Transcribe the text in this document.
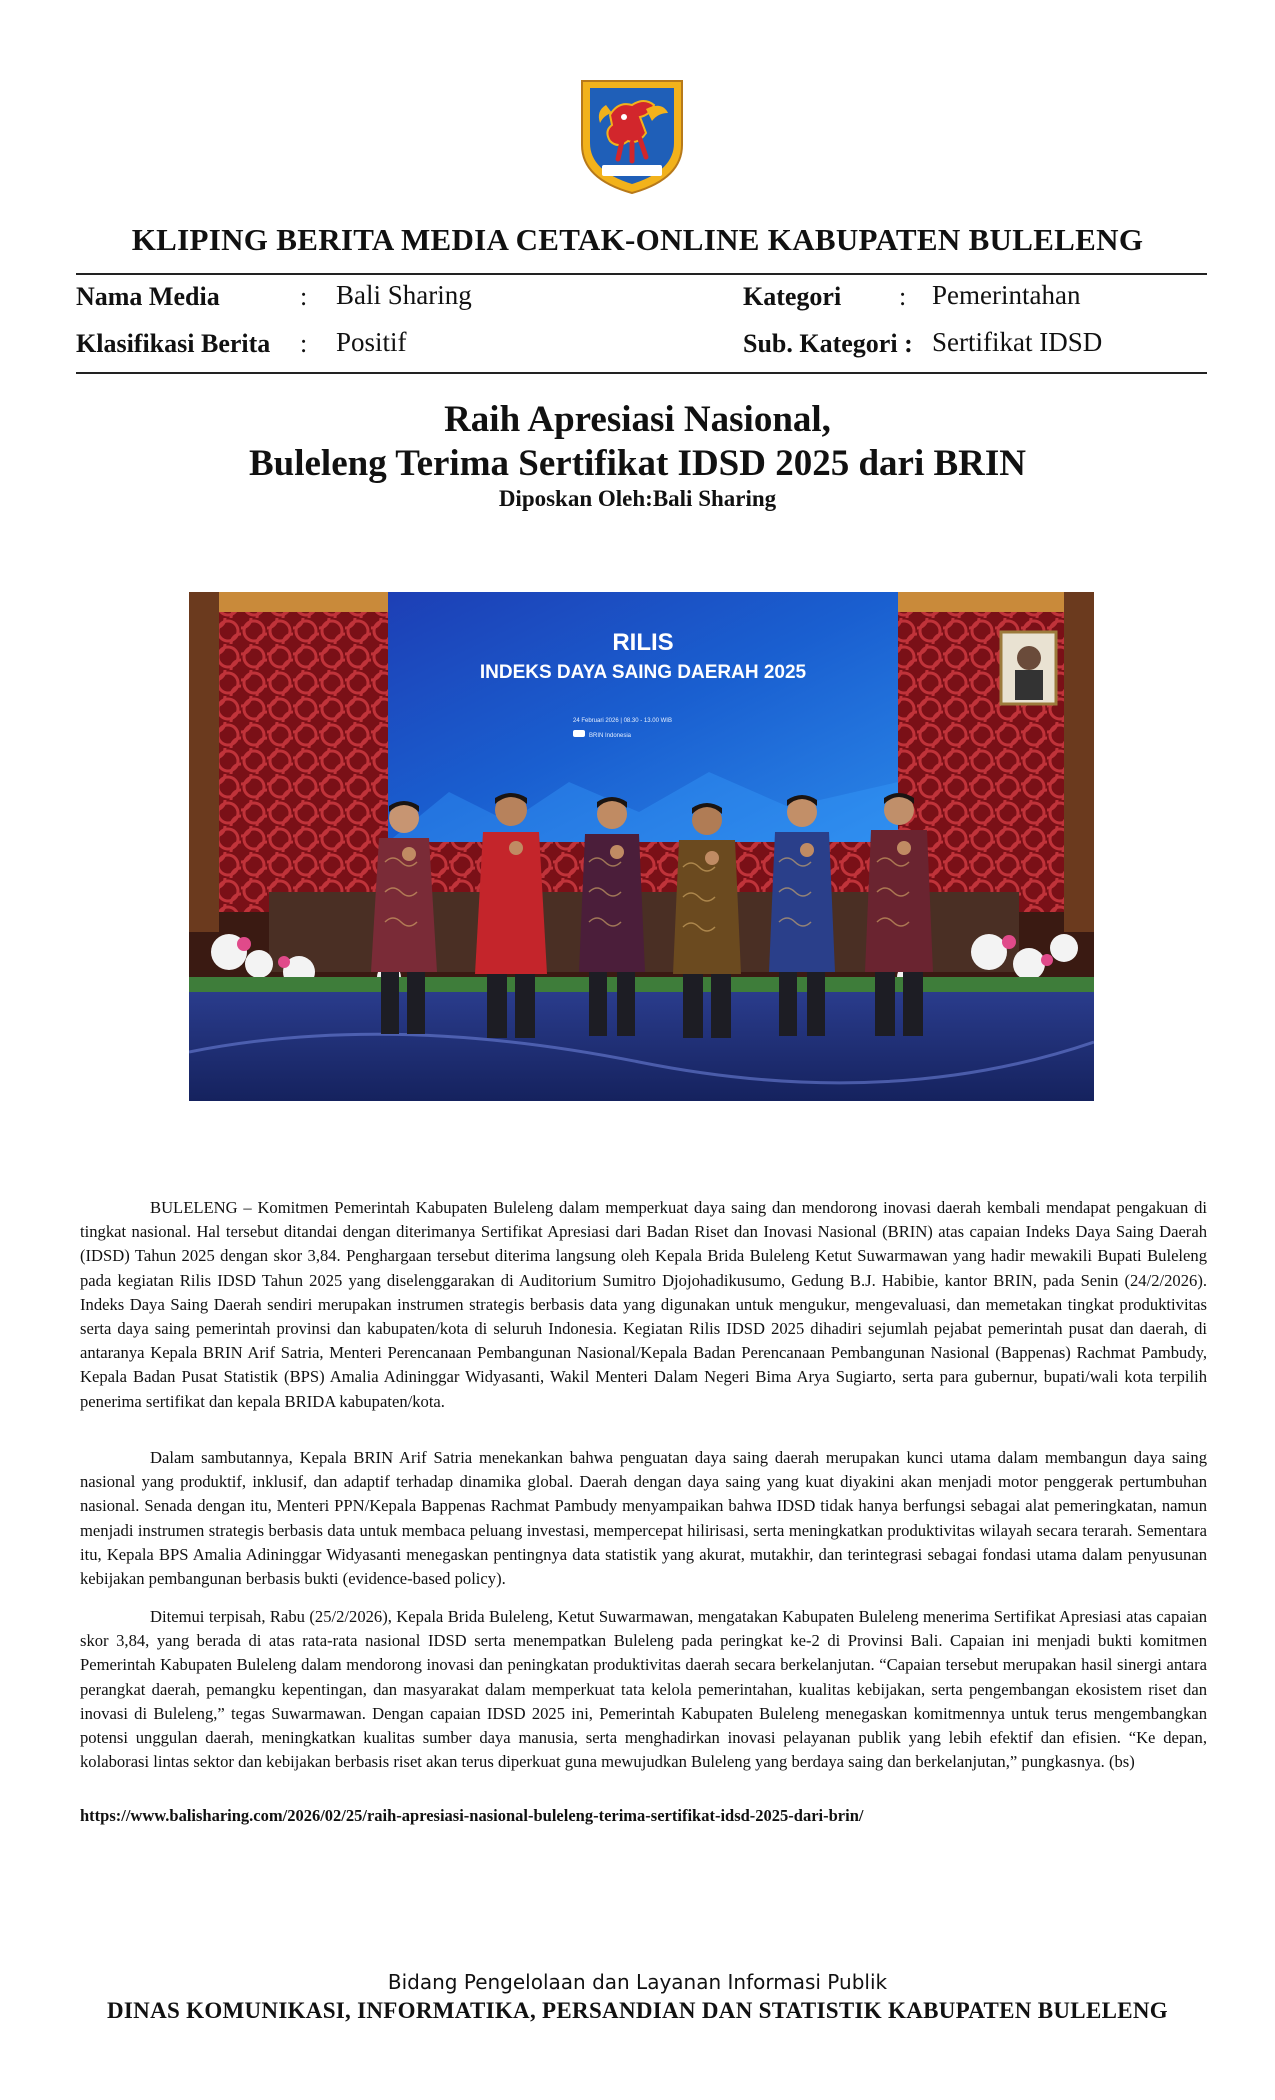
KLIPING BERITA MEDIA CETAK-ONLINE KABUPATEN BULELENG
Nama Media	: Bali Sharing	Kategori : Pemerintahan
Klasifikasi Berita : Positif	Sub. Kategori : Sertifikat IDSD
Raih Apresiasi Nasional,
Buleleng Terima Sertifikat IDSD 2025 dari BRIN
Diposkan Oleh:Bali Sharing
RILIS
INDEKS DAYA SAING DAERAH 2025
24 Februari 2026 | 08.30 - 13.00 WIB
BRIN Indonesia

BULELENG – Komitmen Pemerintah Kabupaten Buleleng dalam memperkuat daya saing dan mendorong inovasi daerah kembali mendapat pengakuan di tingkat nasional. Hal tersebut ditandai dengan diterimanya Sertifikat Apresiasi dari Badan Riset dan Inovasi Nasional (BRIN) atas capaian Indeks Daya Saing Daerah (IDSD) Tahun 2025 dengan skor 3,84. Penghargaan tersebut diterima langsung oleh Kepala Brida Buleleng Ketut Suwarmawan yang hadir mewakili Bupati Buleleng pada kegiatan Rilis IDSD Tahun 2025 yang diselenggarakan di Auditorium Sumitro Djojohadikusumo, Gedung B.J. Habibie, kantor BRIN, pada Senin (24/2/2026). Indeks Daya Saing Daerah sendiri merupakan instrumen strategis berbasis data yang digunakan untuk mengukur, mengevaluasi, dan memetakan tingkat produktivitas serta daya saing pemerintah provinsi dan kabupaten/kota di seluruh Indonesia. Kegiatan Rilis IDSD 2025 dihadiri sejumlah pejabat pemerintah pusat dan daerah, di antaranya Kepala BRIN Arif Satria, Menteri Perencanaan Pembangunan Nasional/Kepala Badan Perencanaan Pembangunan Nasional (Bappenas) Rachmat Pambudy, Kepala Badan Pusat Statistik (BPS) Amalia Adininggar Widyasanti, Wakil Menteri Dalam Negeri Bima Arya Sugiarto, serta para gubernur, bupati/wali kota terpilih penerima sertifikat dan kepala BRIDA kabupaten/kota.

Dalam sambutannya, Kepala BRIN Arif Satria menekankan bahwa penguatan daya saing daerah merupakan kunci utama dalam membangun daya saing nasional yang produktif, inklusif, dan adaptif terhadap dinamika global. Daerah dengan daya saing yang kuat diyakini akan menjadi motor penggerak pertumbuhan nasional. Senada dengan itu, Menteri PPN/Kepala Bappenas Rachmat Pambudy menyampaikan bahwa IDSD tidak hanya berfungsi sebagai alat pemeringkatan, namun menjadi instrumen strategis berbasis data untuk membaca peluang investasi, mempercepat hilirisasi, serta meningkatkan produktivitas wilayah secara terarah. Sementara itu, Kepala BPS Amalia Adininggar Widyasanti menegaskan pentingnya data statistik yang akurat, mutakhir, dan terintegrasi sebagai fondasi utama dalam penyusunan kebijakan pembangunan berbasis bukti (evidence-based policy).

Ditemui terpisah, Rabu (25/2/2026), Kepala Brida Buleleng, Ketut Suwarmawan, mengatakan Kabupaten Buleleng menerima Sertifikat Apresiasi atas capaian skor 3,84, yang berada di atas rata-rata nasional IDSD serta menempatkan Buleleng pada peringkat ke-2 di Provinsi Bali. Capaian ini menjadi bukti komitmen Pemerintah Kabupaten Buleleng dalam mendorong inovasi dan peningkatan produktivitas daerah secara berkelanjutan. “Capaian tersebut merupakan hasil sinergi antara perangkat daerah, pemangku kepentingan, dan masyarakat dalam memperkuat tata kelola pemerintahan, kualitas kebijakan, serta pengembangan ekosistem riset dan inovasi di Buleleng,” tegas Suwarmawan. Dengan capaian IDSD 2025 ini, Pemerintah Kabupaten Buleleng menegaskan komitmennya untuk terus mengembangkan potensi unggulan daerah, meningkatkan kualitas sumber daya manusia, serta menghadirkan inovasi pelayanan publik yang lebih efektif dan efisien. “Ke depan, kolaborasi lintas sektor dan kebijakan berbasis riset akan terus diperkuat guna mewujudkan Buleleng yang berdaya saing dan berkelanjutan,” pungkasnya. (bs)

https://www.balisharing.com/2026/02/25/raih-apresiasi-nasional-buleleng-terima-sertifikat-idsd-2025-dari-brin/
Bidang Pengelolaan dan Layanan Informasi Publik
DINAS KOMUNIKASI, INFORMATIKA, PERSANDIAN DAN STATISTIK KABUPATEN BULELENG
